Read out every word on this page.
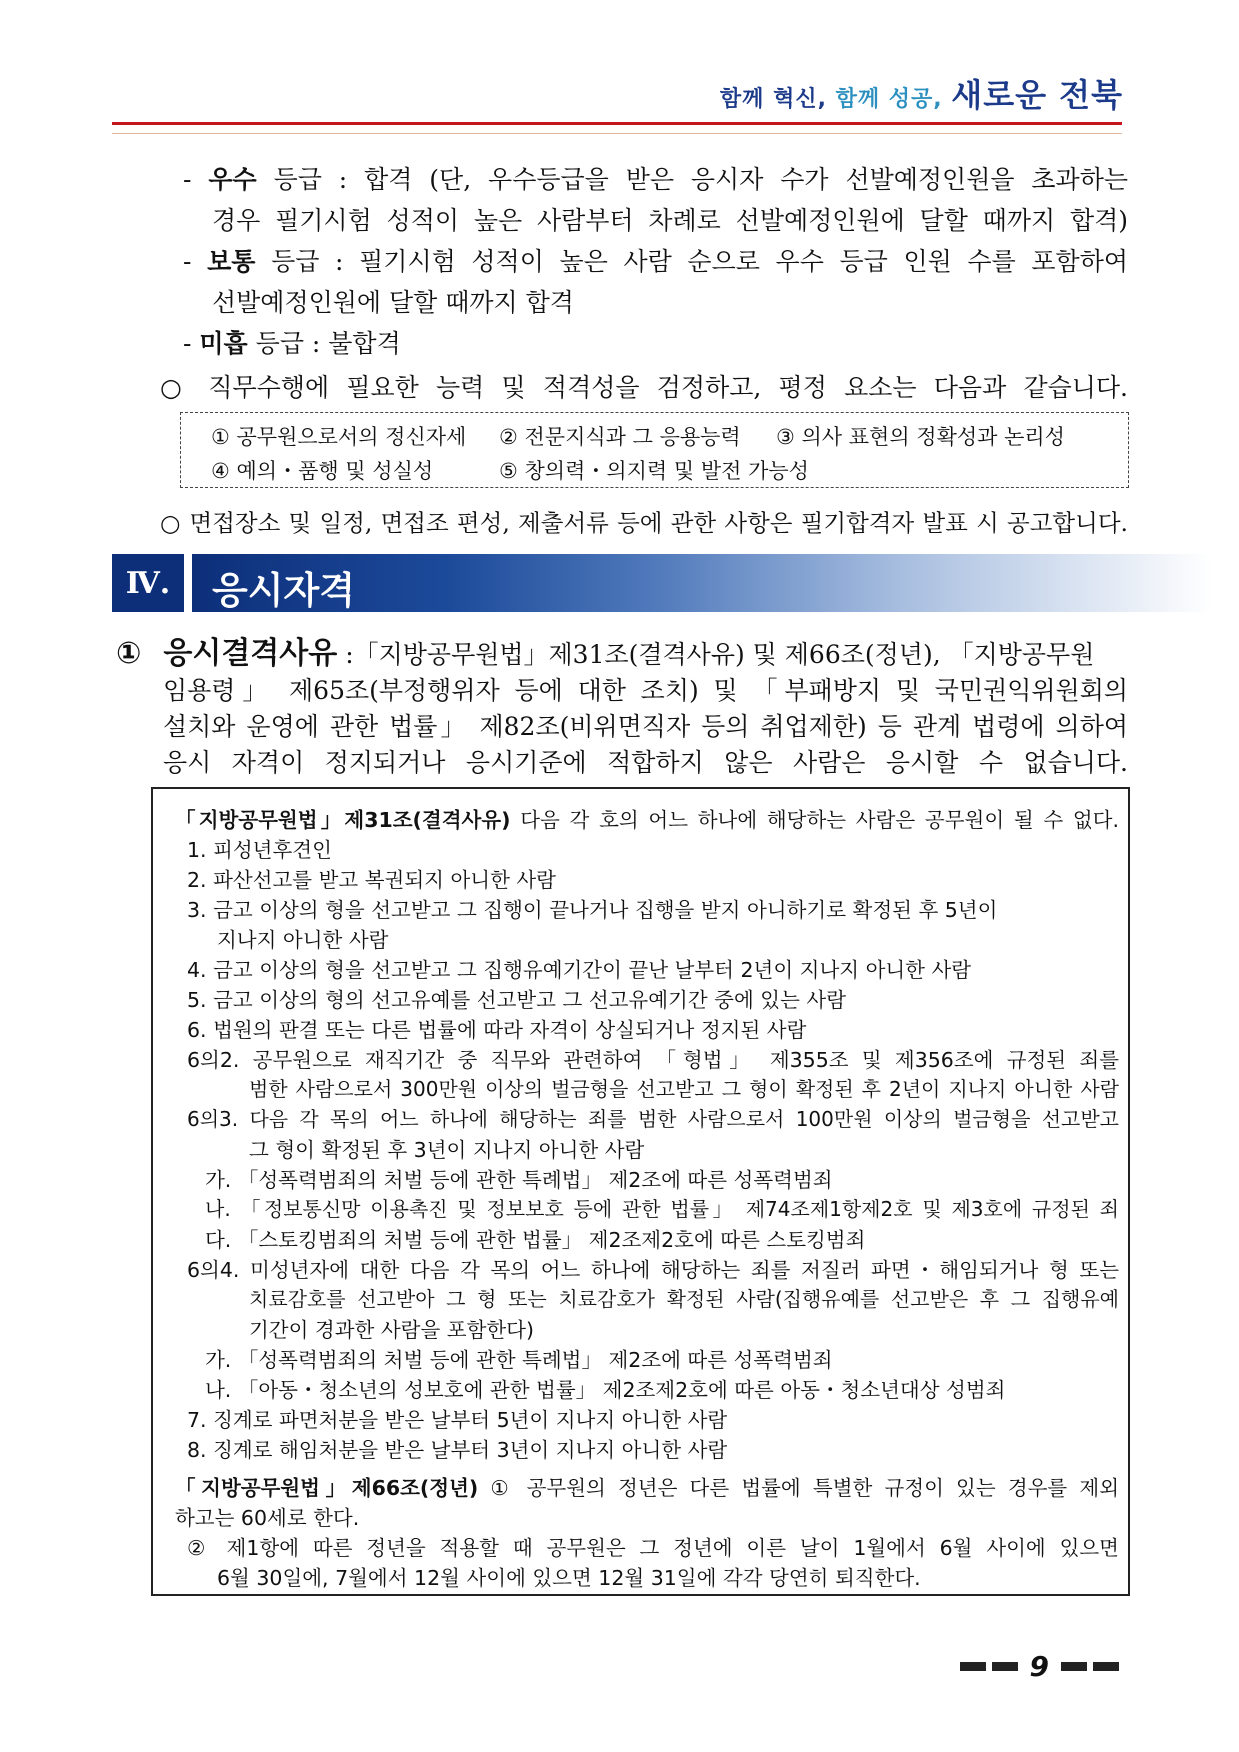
함께 혁신, 함께 성공, 새로운 전북
- 우수 등급 : 합격 (단, 우수등급을 받은 응시자 수가 선발예정인원을 초과하는
경우 필기시험 성적이 높은 사람부터 차례로 선발예정인원에 달할 때까지 합격)
- 보통 등급 : 필기시험 성적이 높은 사람 순으로 우수 등급 인원 수를 포함하여
선발예정인원에 달할 때까지 합격
- 미흡 등급 : 불합격
○ 직무수행에 필요한 능력 및 적격성을 검정하고, 평정 요소는 다음과 같습니다.
① 공무원으로서의 정신자세 ② 전문지식과 그 응용능력 ③ 의사 표현의 정확성과 논리성
④ 예의・품행 및 성실성	⑤ 창의력・의지력 및 발전 가능성
○ 면접장소 및 일정, 면접조 편성, 제출서류 등에 관한 사항은 필기합격자 발표 시 공고합니다.
Ⅳ.	응시자격
① 응시결격사유 :「지방공무원법」제31조(결격사유) 및 제66조(정년), 「지방공무원
임용령」 제65조(부정행위자 등에 대한 조치) 및 「부패방지 및 국민권익위원회의
설치와 운영에 관한 법률」 제82조(비위면직자 등의 취업제한) 등 관계 법령에 의하여
응시 자격이 정지되거나 응시기준에 적합하지 않은 사람은 응시할 수 없습니다.
「지방공무원법」제31조(결격사유) 다음 각 호의 어느 하나에 해당하는 사람은 공무원이 될 수 없다.
1. 피성년후견인
2. 파산선고를 받고 복권되지 아니한 사람
3. 금고 이상의 형을 선고받고 그 집행이 끝나거나 집행을 받지 아니하기로 확정된 후 5년이
지나지 아니한 사람
4. 금고 이상의 형을 선고받고 그 집행유예기간이 끝난 날부터 2년이 지나지 아니한 사람
5. 금고 이상의 형의 선고유예를 선고받고 그 선고유예기간 중에 있는 사람
6. 법원의 판결 또는 다른 법률에 따라 자격이 상실되거나 정지된 사람
6의2. 공무원으로 재직기간 중 직무와 관련하여 「형법」 제355조 및 제356조에 규정된 죄를
범한 사람으로서 300만원 이상의 벌금형을 선고받고 그 형이 확정된 후 2년이 지나지 아니한 사람
6의3. 다음 각 목의 어느 하나에 해당하는 죄를 범한 사람으로서 100만원 이상의 벌금형을 선고받고
그 형이 확정된 후 3년이 지나지 아니한 사람
가. 「성폭력범죄의 처벌 등에 관한 특례법」 제2조에 따른 성폭력범죄
나. 「정보통신망 이용촉진 및 정보보호 등에 관한 법률」 제74조제1항제2호 및 제3호에 규정된 죄
다. 「스토킹범죄의 처벌 등에 관한 법률」 제2조제2호에 따른 스토킹범죄
6의4. 미성년자에 대한 다음 각 목의 어느 하나에 해당하는 죄를 저질러 파면・해임되거나 형 또는
치료감호를 선고받아 그 형 또는 치료감호가 확정된 사람(집행유예를 선고받은 후 그 집행유예
기간이 경과한 사람을 포함한다)
가. 「성폭력범죄의 처벌 등에 관한 특례법」 제2조에 따른 성폭력범죄
나. 「아동・청소년의 성보호에 관한 법률」 제2조제2호에 따른 아동・청소년대상 성범죄
7. 징계로 파면처분을 받은 날부터 5년이 지나지 아니한 사람
8. 징계로 해임처분을 받은 날부터 3년이 지나지 아니한 사람
「지방공무원법」제66조(정년) ① 공무원의 정년은 다른 법률에 특별한 규정이 있는 경우를 제외
하고는 60세로 한다.
② 제1항에 따른 정년을 적용할 때 공무원은 그 정년에 이른 날이 1월에서 6월 사이에 있으면
6월 30일에, 7월에서 12월 사이에 있으면 12월 31일에 각각 당연히 퇴직한다.
9
